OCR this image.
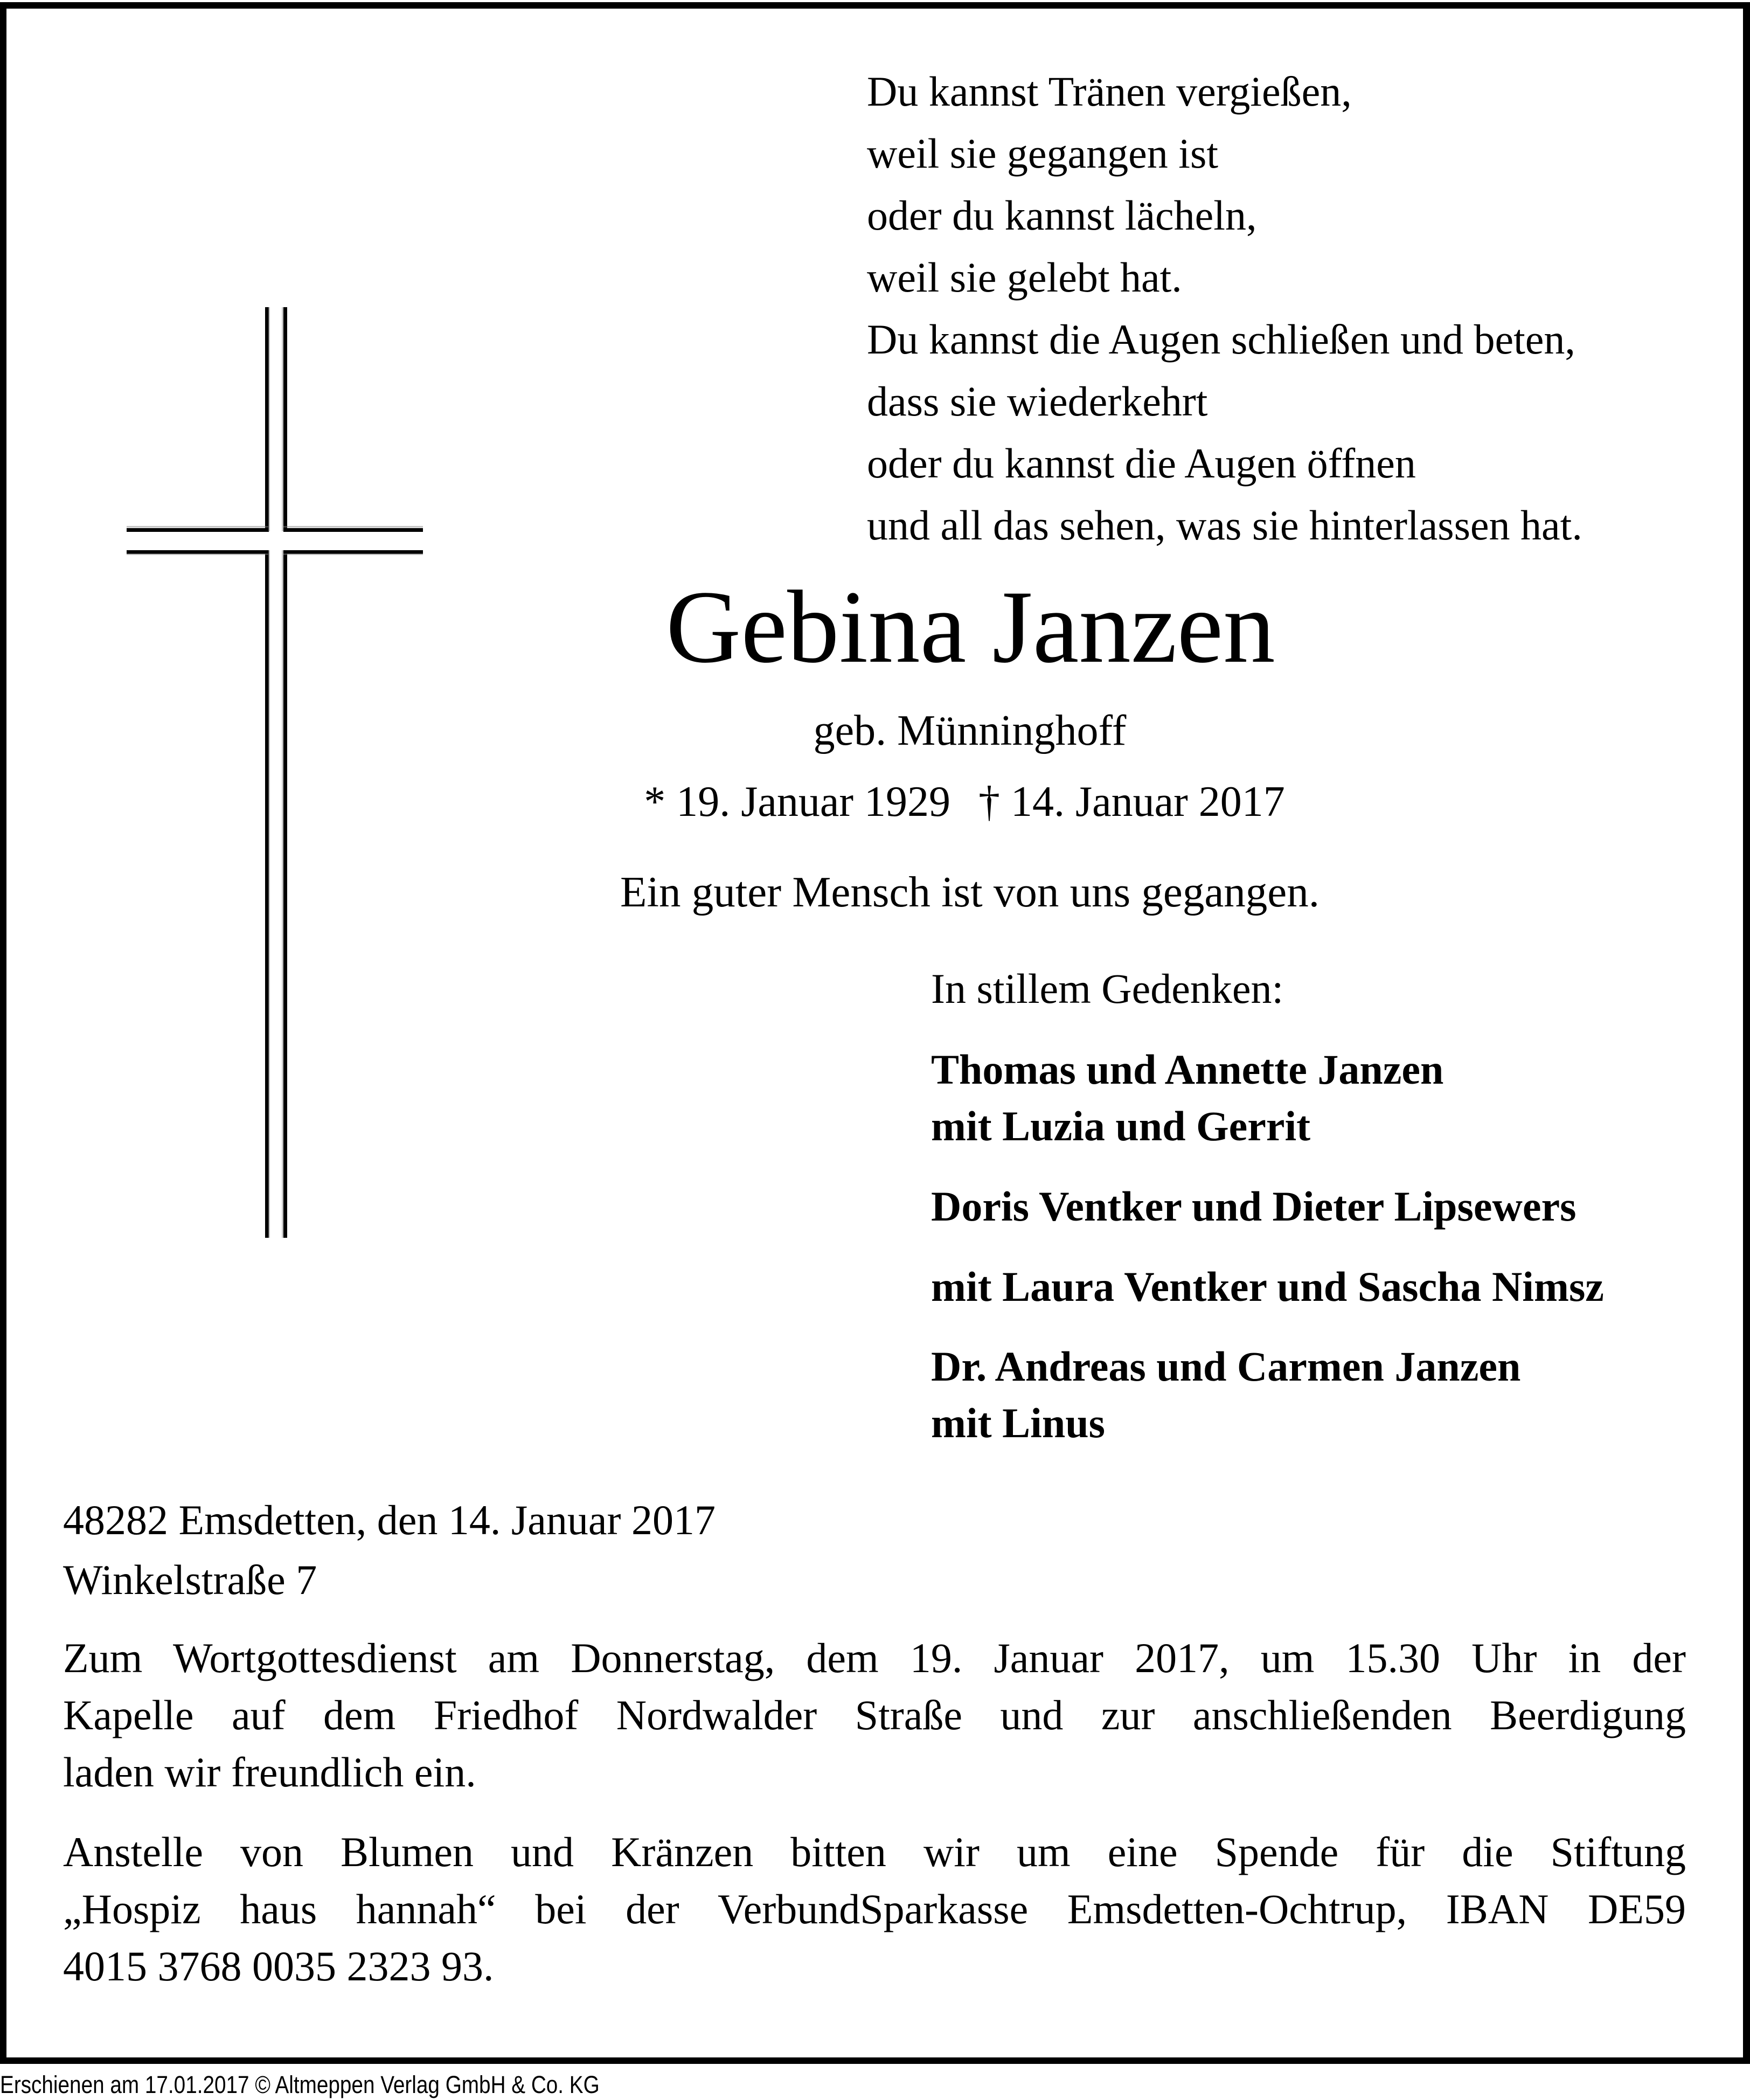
Du kannst Tränen vergießen,
weil sie gegangen ist
oder du kannst lächeln,
weil sie gelebt hat.
Du kannst die Augen schließen und beten,
dass sie wiederkehrt
oder du kannst die Augen öffnen
und all das sehen, was sie hinterlassen hat.
Gebina Janzen
geb. Münninghoff
* 19. Januar 1929 † 14. Januar 2017
Ein guter Mensch ist von uns gegangen.
In stillem Gedenken:
Thomas und Annette Janzen
mit Luzia und Gerrit
Doris Ventker und Dieter Lipsewers
mit Laura Ventker und Sascha Nimsz
Dr. Andreas und Carmen Janzen
mit Linus
48282 Emsdetten, den 14. Januar 2017
Winkelstraße 7
Zum Wortgottesdienst am Donnerstag, dem 19. Januar 2017, um 15.30 Uhr in der
Kapelle auf dem Friedhof Nordwalder Straße und zur anschließenden Beerdigung
laden wir freundlich ein.
Anstelle von Blumen und Kränzen bitten wir um eine Spende für die Stiftung
„Hospiz haus hannah“ bei der VerbundSparkasse Emsdetten-Ochtrup, IBAN DE59
4015 3768 0035 2323 93.
Erschienen am 17.01.2017 © Altmeppen Verlag GmbH & Co. KG
